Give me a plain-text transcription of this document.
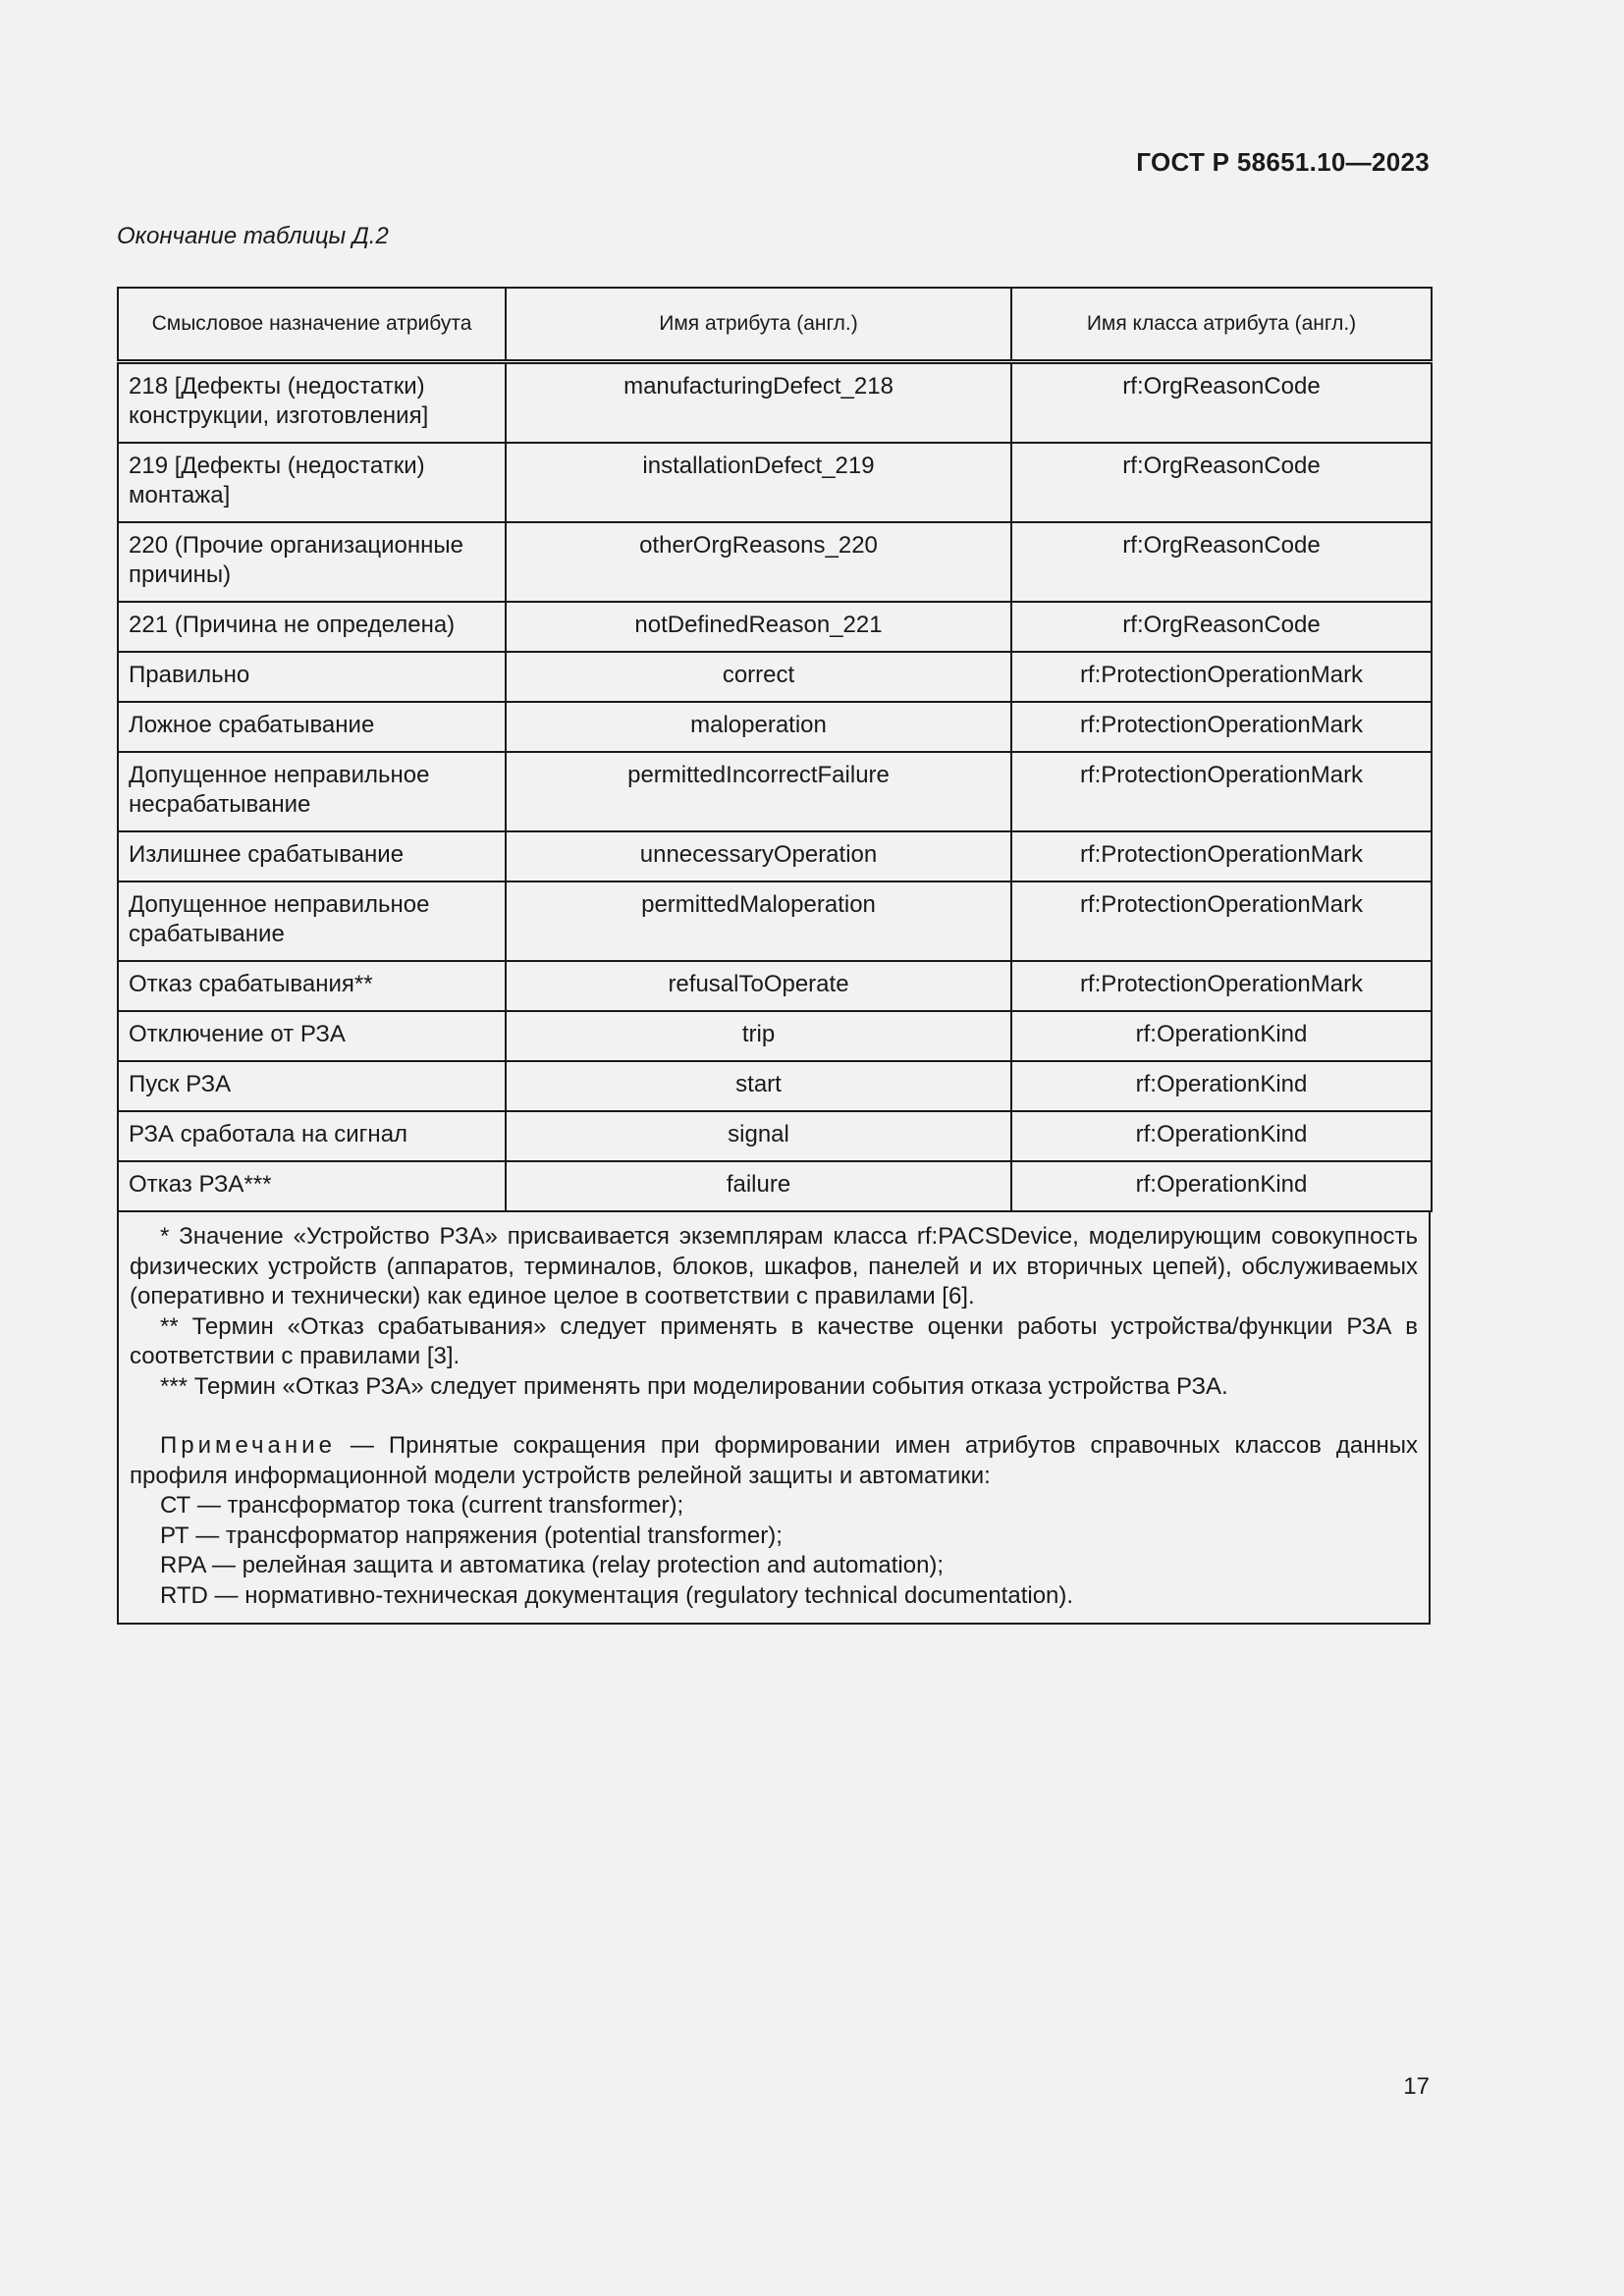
ГОСТ Р 58651.10—2023
Окончание таблицы Д.2
Смысловое назначение атрибута	Имя атрибута (англ.)	Имя класса атрибута (англ.)
218 [Дефекты (недостатки) конструкции, изготовления]	manufacturingDefect_218	rf:OrgReasonCode
219 [Дефекты (недостатки) монтажа]	installationDefect_219	rf:OrgReasonCode
220 (Прочие организационные причины)	otherOrgReasons_220	rf:OrgReasonCode
221 (Причина не определена)	notDefinedReason_221	rf:OrgReasonCode
Правильно	correct	rf:ProtectionOperationMark
Ложное срабатывание	maloperation	rf:ProtectionOperationMark
Допущенное неправильное несрабатывание	permittedIncorrectFailure	rf:ProtectionOperationMark
Излишнее срабатывание	unnecessaryOperation	rf:ProtectionOperationMark
Допущенное неправильное срабатывание	permittedMaloperation	rf:ProtectionOperationMark
Отказ срабатывания**	refusalToOperate	rf:ProtectionOperationMark
Отключение от РЗА	trip	rf:OperationKind
Пуск РЗА	start	rf:OperationKind
РЗА сработала на сигнал	signal	rf:OperationKind
Отказ РЗА***	failure	rf:OperationKind

* Значение «Устройство РЗА» присваивается экземплярам класса rf:PACSDevice, моделирующим совокупность физических устройств (аппаратов, терминалов, блоков, шкафов, панелей и их вторичных цепей), обслуживаемых (оперативно и технически) как единое целое в соответствии с правилами [6].

** Термин «Отказ срабатывания» следует применять в качестве оценки работы устройства/функции РЗА в соответствии с правилами [3].

*** Термин «Отказ РЗА» следует применять при моделировании события отказа устройства РЗА.

Примечание — Принятые сокращения при формировании имен атрибутов справочных классов данных профиля информационной модели устройств релейной защиты и автоматики:

СТ — трансформатор тока (current transformer);

РТ — трансформатор напряжения (potential transformer);

RPA — релейная защита и автоматика (relay protection and automation);

RTD — нормативно-техническая документация (regulatory technical documentation).

17
